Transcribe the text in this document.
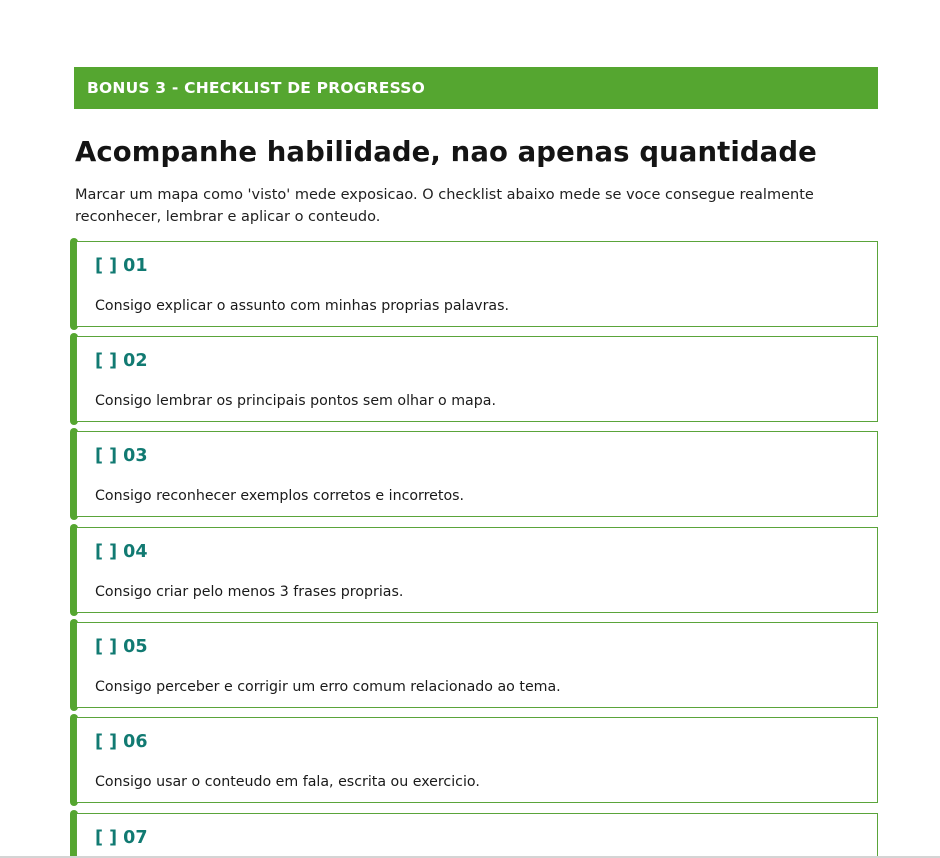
BONUS 3 - CHECKLIST DE PROGRESSO
Acompanhe habilidade, nao apenas quantidade

Marcar um mapa como 'visto' mede exposicao. O checklist abaixo mede se voce consegue realmente reconhecer, lembrar e aplicar o conteudo.

[ ] 01
Consigo explicar o assunto com minhas proprias palavras.
[ ] 02
Consigo lembrar os principais pontos sem olhar o mapa.
[ ] 03
Consigo reconhecer exemplos corretos e incorretos.
[ ] 04
Consigo criar pelo menos 3 frases proprias.
[ ] 05
Consigo perceber e corrigir um erro comum relacionado ao tema.
[ ] 06
Consigo usar o conteudo em fala, escrita ou exercicio.
[ ] 07
